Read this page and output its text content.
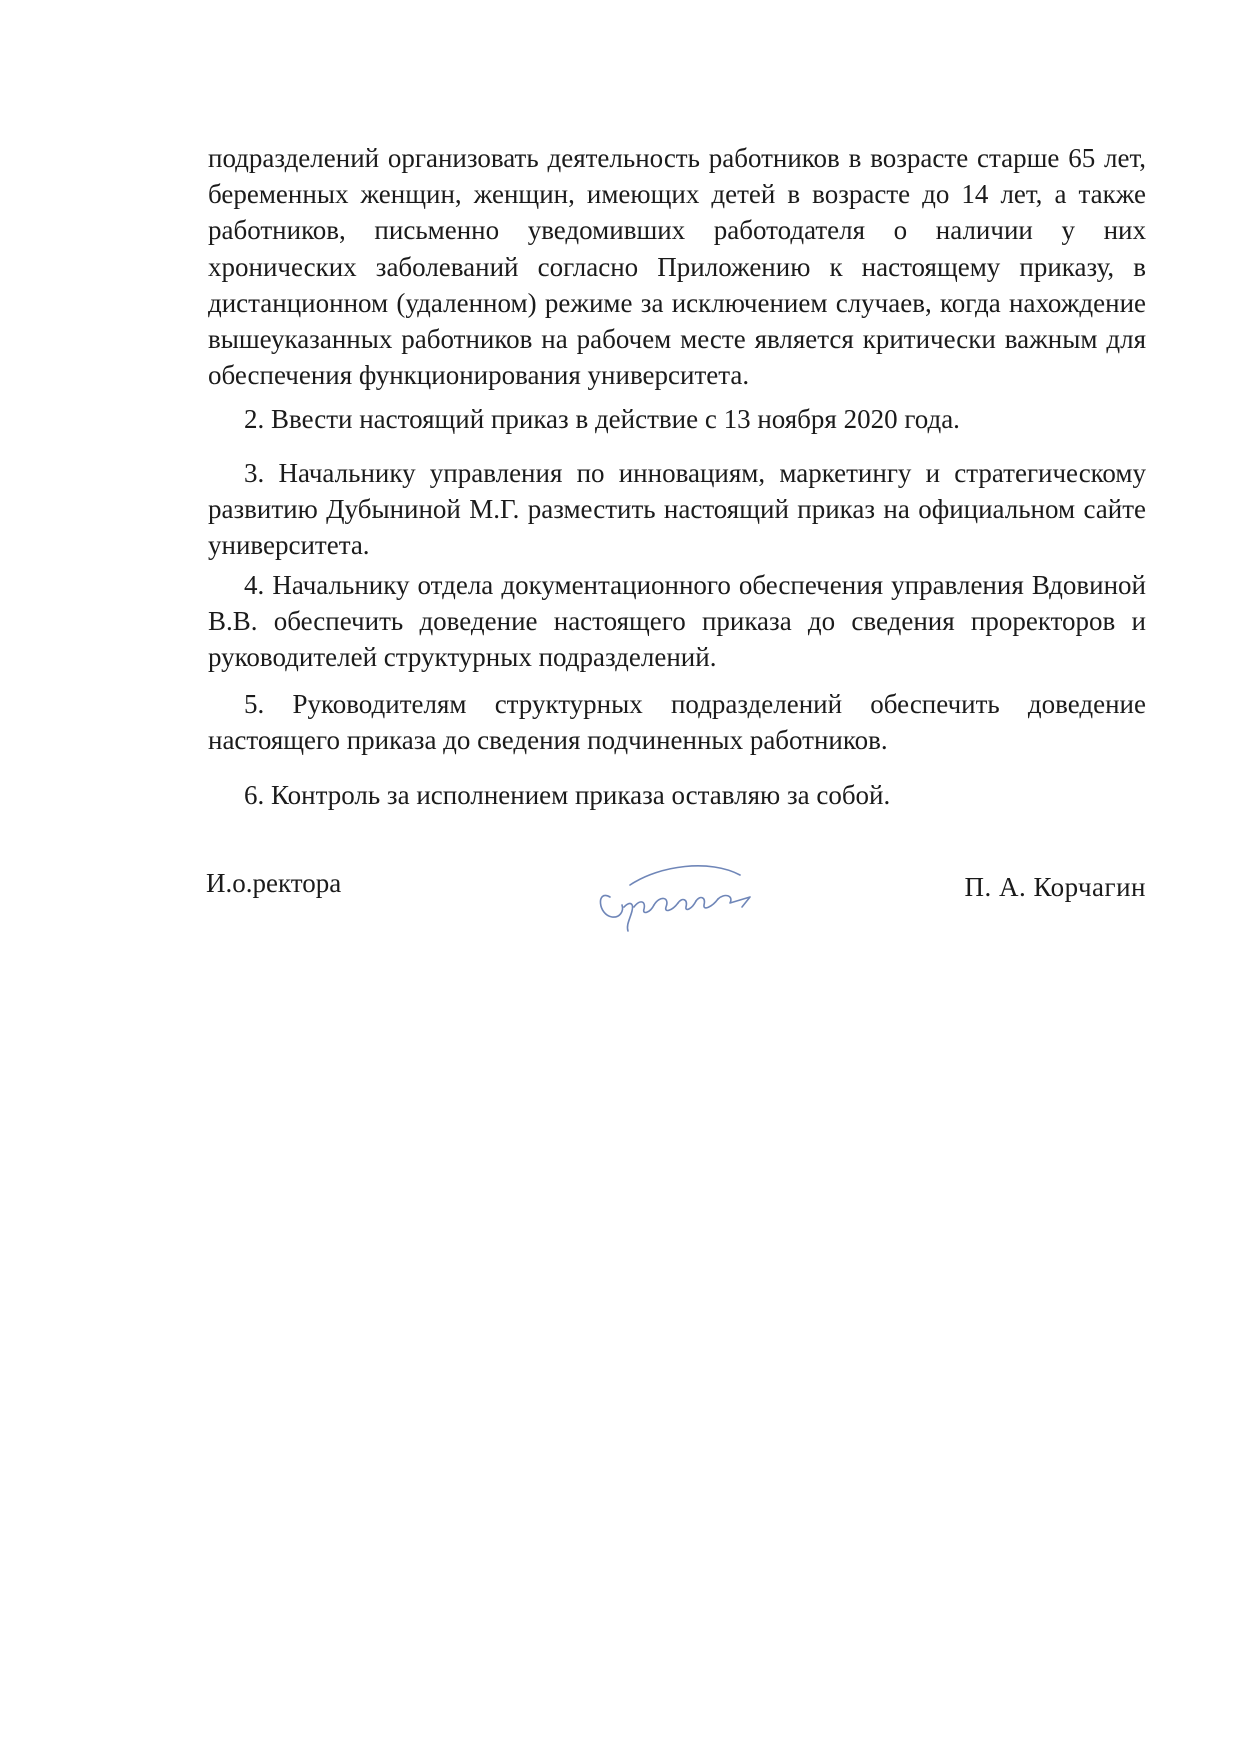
подразделений организовать деятельность работников в возрасте старше 65 лет, беременных женщин, женщин, имеющих детей в возрасте до 14 лет, а также работников, письменно уведомивших работодателя о наличии у них хронических заболеваний согласно Приложению к настоящему приказу, в дистанционном (удаленном) режиме за исключением случаев, когда нахождение вышеуказанных работников на рабочем месте является критически важным для обеспечения функционирования университета.
2. Ввести настоящий приказ в действие с 13 ноября 2020 года.
3. Начальнику управления по инновациям, маркетингу и стратегическому развитию Дубыниной М.Г. разместить настоящий приказ на официальном сайте университета.
4. Начальнику отдела документационного обеспечения управления Вдовиной В.В. обеспечить доведение настоящего приказа до сведения проректоров и руководителей структурных подразделений.
5. Руководителям структурных подразделений обеспечить доведение настоящего приказа до сведения подчиненных работников.
6. Контроль за исполнением приказа оставляю за собой.
И.о.ректора	П. А. Корчагин
